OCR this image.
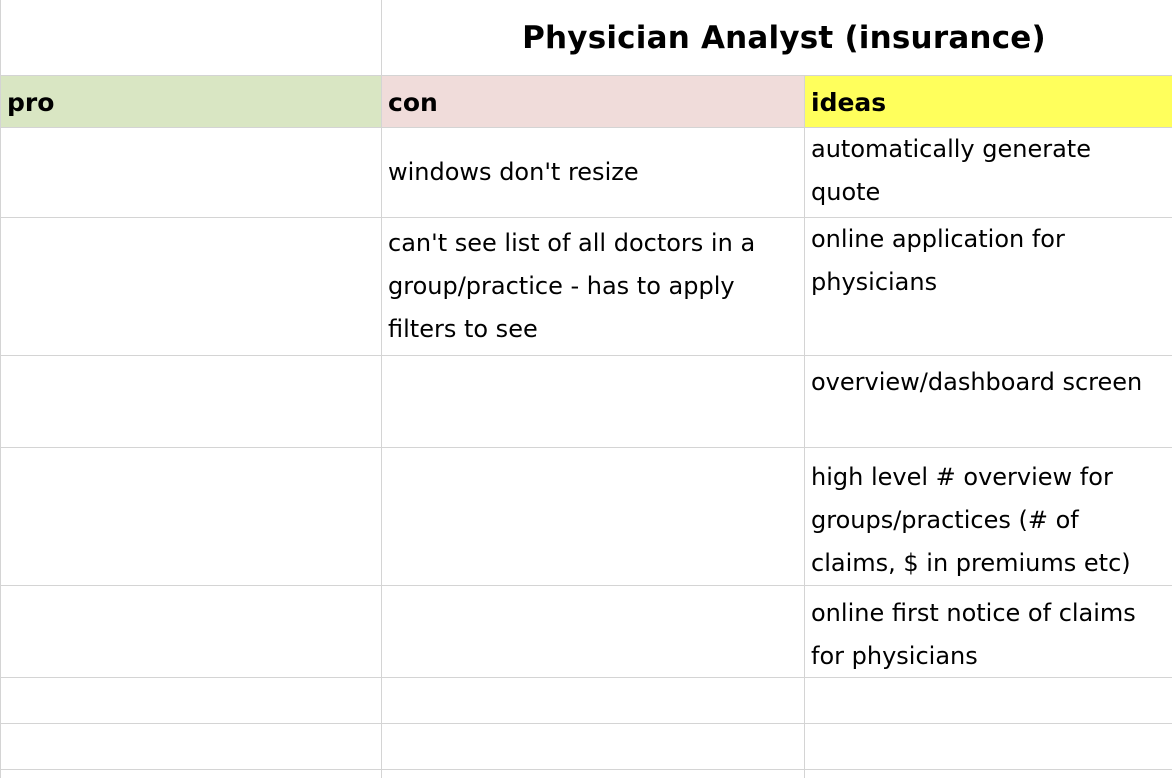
Physician Analyst (insurance)
pro	con	ideas
windows don't resize
automatically generate quote
can't see list of all doctors in a group/practice - has to apply filters to see
online application for physicians
overview/dashboard screen
high level # overview for groups/practices (# of claims, $ in premiums etc)
online first notice of claims for physicians
